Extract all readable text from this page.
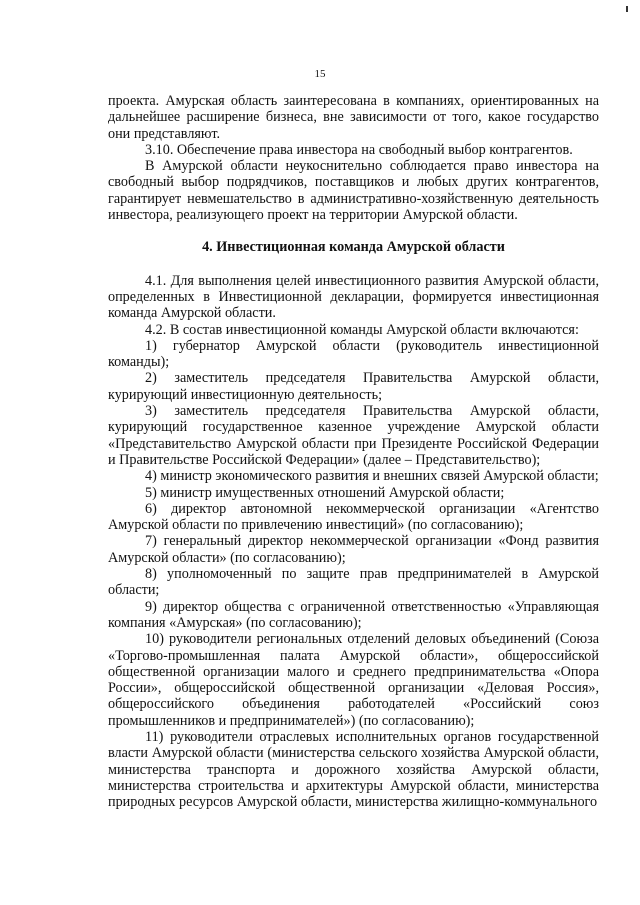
15

проекта. Амурская область заинтересована в компаниях, ориентированных на дальнейшее расширение бизнеса, вне зависимости от того, какое государство они представляют.

3.10. Обеспечение права инвестора на свободный выбор контрагентов.

В Амурской области неукоснительно соблюдается право инвестора на свободный выбор подрядчиков, поставщиков и любых других контрагентов, гарантирует невмешательство в административно-хозяйственную деятельность инвестора, реализующего проект на территории Амурской области.

4. Инвестиционная команда Амурской области

4.1. Для выполнения целей инвестиционного развития Амурской области, определенных в Инвестиционной декларации, формируется инвестиционная команда Амурской области.

4.2. В состав инвестиционной команды Амурской области включаются:

1) губернатор Амурской области (руководитель инвестиционной команды);

2) заместитель председателя Правительства Амурской области, курирующий инвестиционную деятельность;

3) заместитель председателя Правительства Амурской области, курирующий государственное казенное учреждение Амурской области «Представительство Амурской области при Президенте Российской Федерации и Правительстве Российской Федерации» (далее – Представительство);

4) министр экономического развития и внешних связей Амурской области;

5) министр имущественных отношений Амурской области;

6) директор автономной некоммерческой организации «Агентство Амурской области по привлечению инвестиций» (по согласованию);

7) генеральный директор некоммерческой организации «Фонд развития Амурской области» (по согласованию);

8) уполномоченный по защите прав предпринимателей в Амурской области;

9) директор общества с ограниченной ответственностью «Управляющая компания «Амурская» (по согласованию);

10) руководители региональных отделений деловых объединений (Союза «Торгово-промышленная палата Амурской области», общероссийской общественной организации малого и среднего предпринимательства «Опора России», общероссийской общественной организации «Деловая Россия», общероссийского объединения работодателей «Российский союз промышленников и предпринимателей») (по согласованию);

11) руководители отраслевых исполнительных органов государственной власти Амурской области (министерства сельского хозяйства Амурской области, министерства транспорта и дорожного хозяйства Амурской области, министерства строительства и архитектуры Амурской области, министерства природных ресурсов Амурской области, министерства жилищно-коммунального
